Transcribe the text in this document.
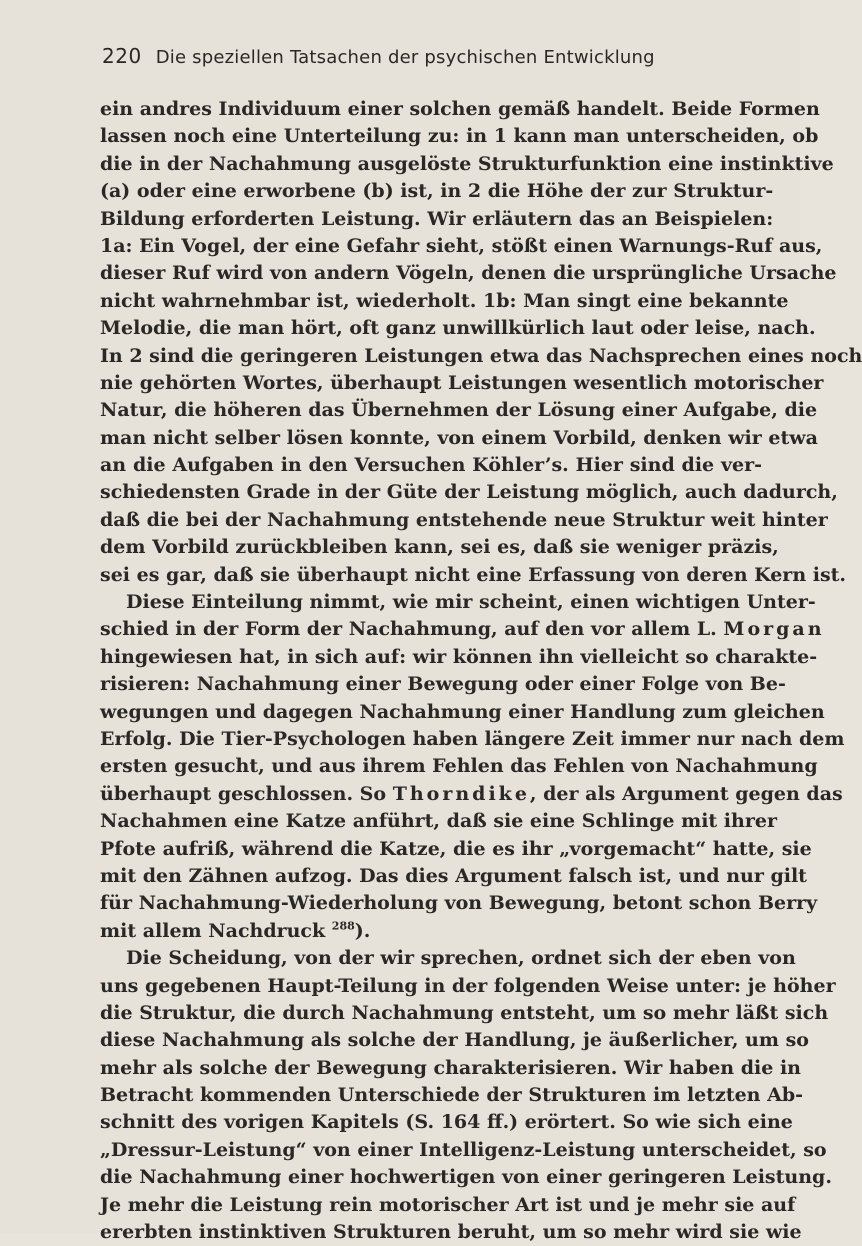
220 Die speziellen Tatsachen der psychischen Entwicklung
ein andres Individuum einer solchen gemäß handelt. Beide Formen
lassen noch eine Unterteilung zu: in 1 kann man unterscheiden, ob
die in der Nachahmung ausgelöste Strukturfunktion eine instinktive
(a) oder eine erworbene (b) ist, in 2 die Höhe der zur Struktur-
Bildung erforderten Leistung. Wir erläutern das an Beispielen:
1a: Ein Vogel, der eine Gefahr sieht, stößt einen Warnungs-Ruf aus,
dieser Ruf wird von andern Vögeln, denen die ursprüngliche Ursache
nicht wahrnehmbar ist, wiederholt. 1b: Man singt eine bekannte
Melodie, die man hört, oft ganz unwillkürlich laut oder leise, nach.
In 2 sind die geringeren Leistungen etwa das Nachsprechen eines noch
nie gehörten Wortes, überhaupt Leistungen wesentlich motorischer
Natur, die höheren das Übernehmen der Lösung einer Aufgabe, die
man nicht selber lösen konnte, von einem Vorbild, denken wir etwa
an die Aufgaben in den Versuchen Köhler’s. Hier sind die ver-
schiedensten Grade in der Güte der Leistung möglich, auch dadurch,
daß die bei der Nachahmung entstehende neue Struktur weit hinter
dem Vorbild zurückbleiben kann, sei es, daß sie weniger präzis,
sei es gar, daß sie überhaupt nicht eine Erfassung von deren Kern ist.
Diese Einteilung nimmt, wie mir scheint, einen wichtigen Unter-
schied in der Form der Nachahmung, auf den vor allem L. Morgan
hingewiesen hat, in sich auf: wir können ihn vielleicht so charakte-
risieren: Nachahmung einer Bewegung oder einer Folge von Be-
wegungen und dagegen Nachahmung einer Handlung zum gleichen
Erfolg. Die Tier-Psychologen haben längere Zeit immer nur nach dem
ersten gesucht, und aus ihrem Fehlen das Fehlen von Nachahmung
überhaupt geschlossen. So Thorndike, der als Argument gegen das
Nachahmen eine Katze anführt, daß sie eine Schlinge mit ihrer
Pfote aufriß, während die Katze, die es ihr „vorgemacht“ hatte, sie
mit den Zähnen aufzog. Das dies Argument falsch ist, und nur gilt
für Nachahmung-Wiederholung von Bewegung, betont schon Berry
mit allem Nachdruck $^{288}$).
Die Scheidung, von der wir sprechen, ordnet sich der eben von
uns gegebenen Haupt-Teilung in der folgenden Weise unter: je höher
die Struktur, die durch Nachahmung entsteht, um so mehr läßt sich
diese Nachahmung als solche der Handlung, je äußerlicher, um so
mehr als solche der Bewegung charakterisieren. Wir haben die in
Betracht kommenden Unterschiede der Strukturen im letzten Ab-
schnitt des vorigen Kapitels (S. 164 ff.) erörtert. So wie sich eine
„Dressur-Leistung“ von einer Intelligenz-Leistung unterscheidet, so
die Nachahmung einer hochwertigen von einer geringeren Leistung.
Je mehr die Leistung rein motorischer Art ist und je mehr sie auf
ererbten instinktiven Strukturen beruht, um so mehr wird sie wie
